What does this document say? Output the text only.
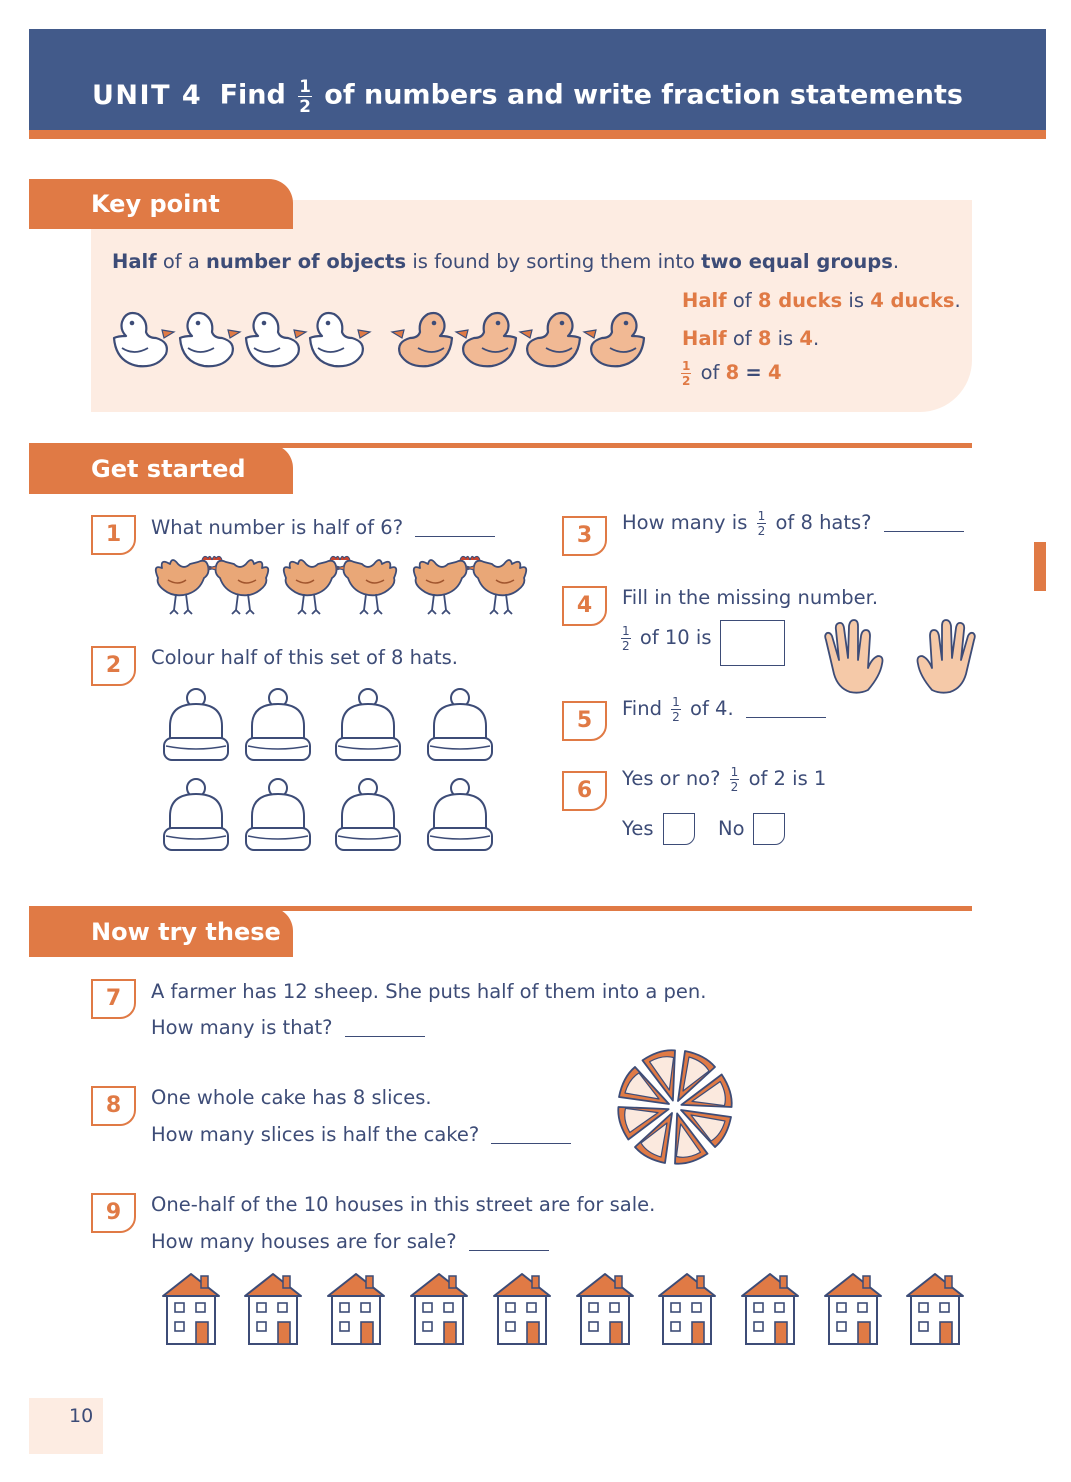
UNIT 4 Find $\frac{1}{2}$ of numbers and write fraction statements
Key point
Half of a number of objects is found by sorting them into two equal groups.
Half of 8 ducks is 4 ducks.
Half of 8 is 4.
$\frac{1}{2}$ of 8 = 4
Get started
1	What number is half of 6?
2	Colour half of this set of 8 hats.
3
How many is $\frac{1}{2}$ of 8 hats?
4	Fill in the missing number.
$\frac{1}{2}$ of 10 is
5	Find $\frac{1}{2}$ of 4.
6	Yes or no? $\frac{1}{2}$ of 2 is 1
Yes	No
Now try these
7	A farmer has 12 sheep. She puts half of them into a pen.
How many is that?
8	One whole cake has 8 slices.
How many slices is half the cake?
9	One-half of the 10 houses in this street are for sale.
How many houses are for sale?
10
